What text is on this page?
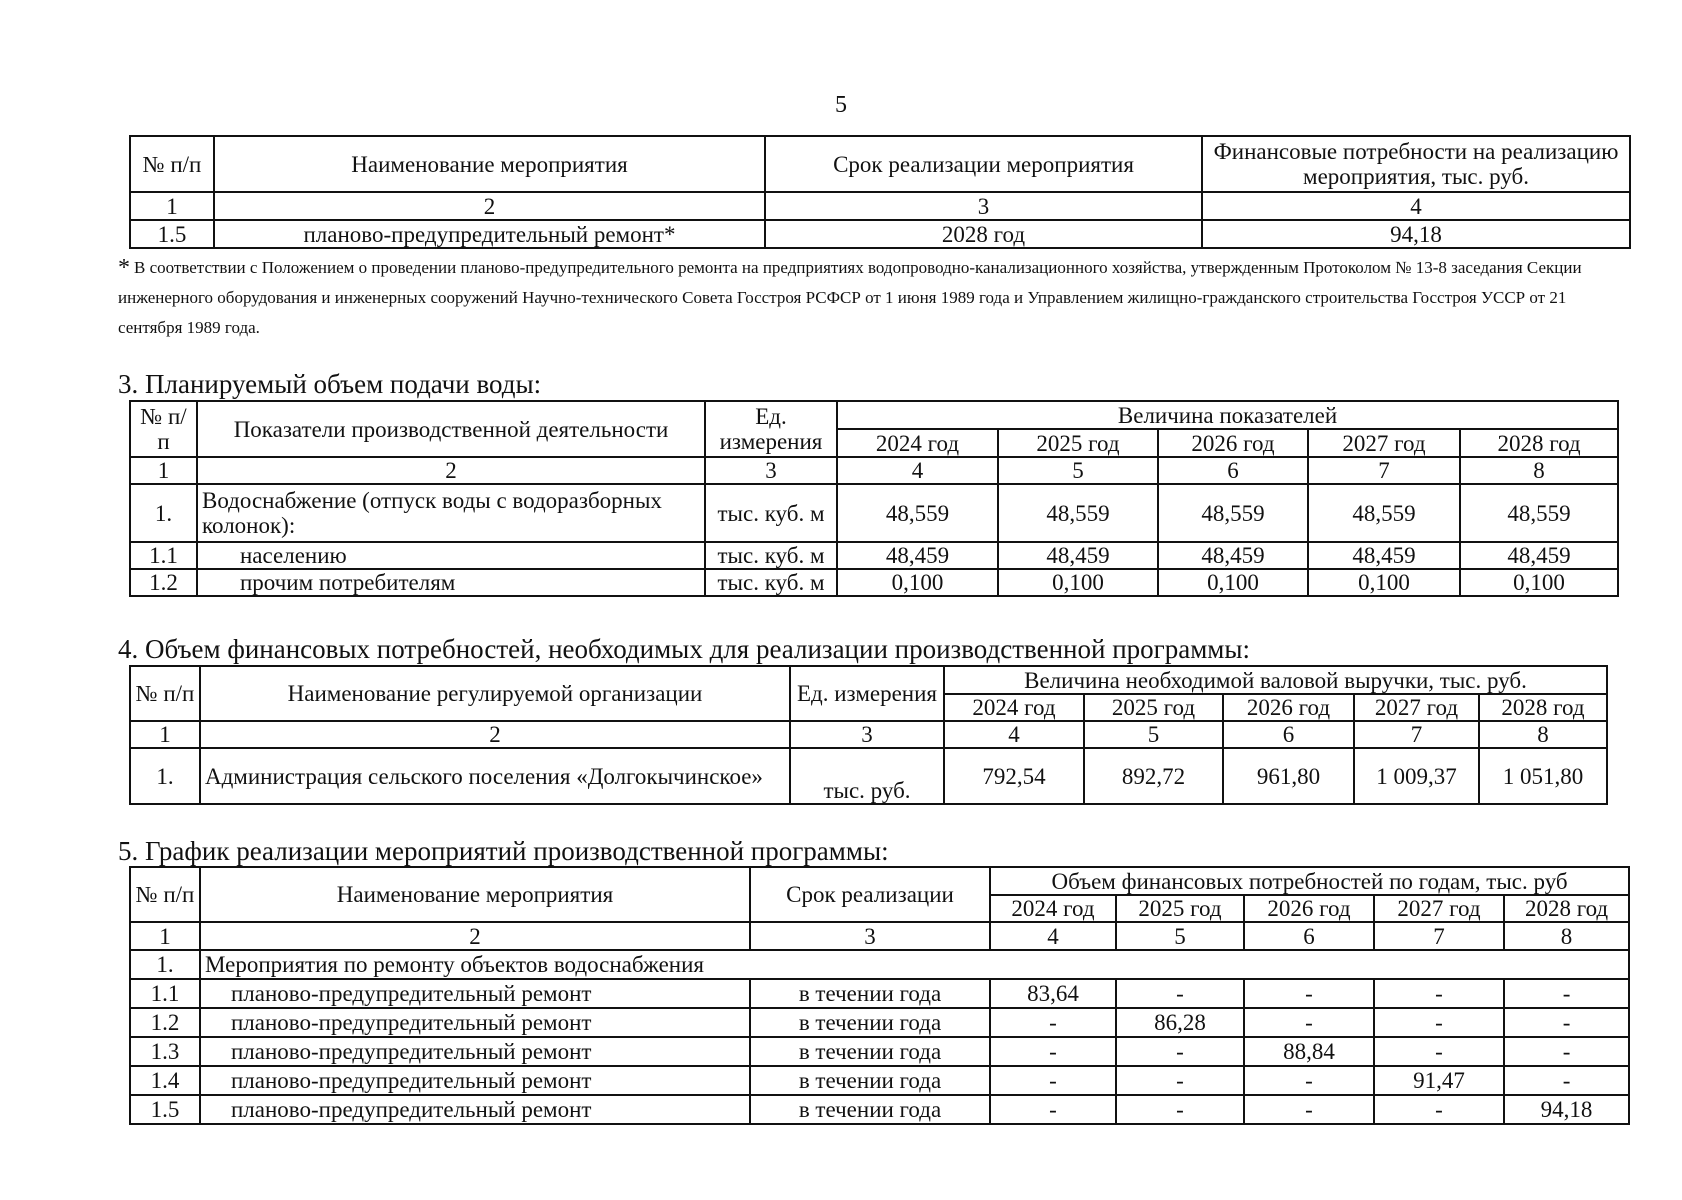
5
№ п/п	Наименование мероприятия	Срок реализации мероприятия	Финансовые потребности на реализацию мероприятия, тыс. руб.
1	2	3	4
1.5	планово-предупредительный ремонт*	2028 год	94,18
* В соответствии с Положением о проведении планово-предупредительного ремонта на предприятиях водопроводно-канализационного хозяйства, утвержденным Протоколом № 13-8 заседания Секции инженерного оборудования и инженерных сооружений Научно-технического Совета Госстроя РСФСР от 1 июня 1989 года и Управлением жилищно-гражданского строительства Госстроя УССР от 21 сентября 1989 года.
3. Планируемый объем подачи воды:
№ п/п	Показатели производственной деятельности	Ед. измерения	Величина показателей				
			2024 год	2025 год	2026 год	2027 год	2028 год
1	2	3	4	5	6	7	8
1.	Водоснабжение (отпуск воды с водоразборных колонок):	тыс. куб. м	48,559	48,559	48,559	48,559	48,559
1.1	населению	тыс. куб. м	48,459	48,459	48,459	48,459	48,459
1.2	прочим потребителям	тыс. куб. м	0,100	0,100	0,100	0,100	0,100
4. Объем финансовых потребностей, необходимых для реализации производственной программы:
№ п/п	Наименование регулируемой организации	Ед. измерения	Величина необходимой валовой выручки, тыс. руб.				
			2024 год	2025 год	2026 год	2027 год	2028 год
1	2	3	4	5	6	7	8
1.	Администрация сельского поселения «Долгокычинское»	тыс. руб.	792,54	892,72	961,80	1 009,37	1 051,80
5. График реализации мероприятий производственной программы:
№ п/п	Наименование мероприятия	Срок реализации	Объем финансовых потребностей по годам, тыс. руб				
			2024 год	2025 год	2026 год	2027 год	2028 год
1	2	3	4	5	6	7	8
1.	Мероприятия по ремонту объектов водоснабжения						
1.1	планово-предупредительный ремонт	в течении года	83,64	-	-	-	-
1.2	планово-предупредительный ремонт	в течении года	-	86,28	-	-	-
1.3	планово-предупредительный ремонт	в течении года	-	-	88,84	-	-
1.4	планово-предупредительный ремонт	в течении года	-	-	-	91,47	-
1.5	планово-предупредительный ремонт	в течении года	-	-	-	-	94,18
